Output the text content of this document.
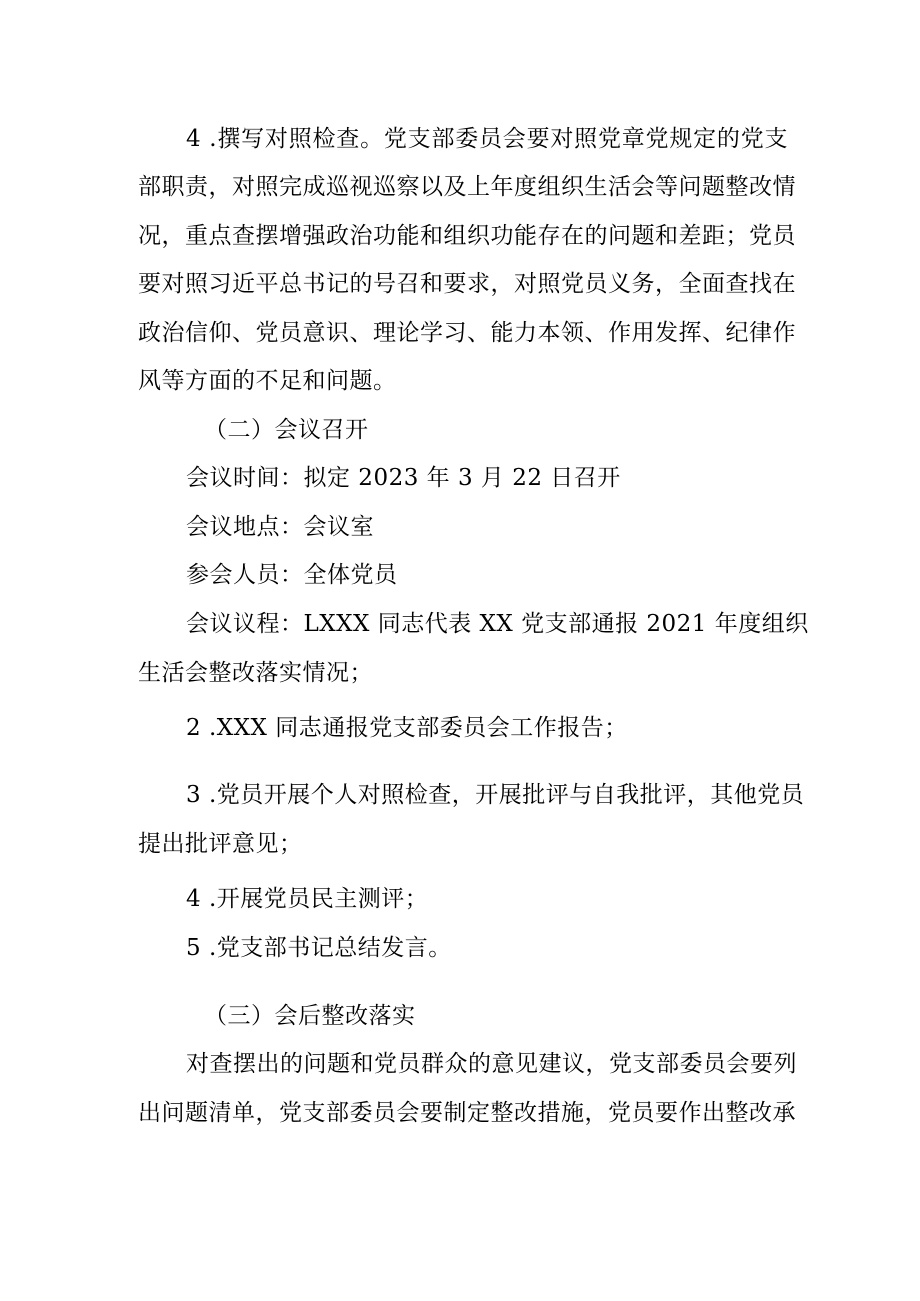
4 .撰写对照检查。党支部委员会要对照党章党规定的党支
部职责，对照完成巡视巡察以及上年度组织生活会等问题整改情
况，重点查摆增强政治功能和组织功能存在的问题和差距；党员
要对照习近平总书记的号召和要求，对照党员义务，全面查找在
政治信仰、党员意识、理论学习、能力本领、作用发挥、纪律作
风等方面的不足和问题。
（二）会议召开
会议时间：拟定 2023 年 3 月 22 日召开
会议地点：会议室
参会人员：全体党员
会议议程：LXXX 同志代表 XX 党支部通报 2021 年度组织
生活会整改落实情况；
2 .XXX 同志通报党支部委员会工作报告；
3 .党员开展个人对照检查，开展批评与自我批评，其他党员
提出批评意见；
4 .开展党员民主测评；
5 .党支部书记总结发言。
（三）会后整改落实
对查摆出的问题和党员群众的意见建议，党支部委员会要列
出问题清单，党支部委员会要制定整改措施，党员要作出整改承
